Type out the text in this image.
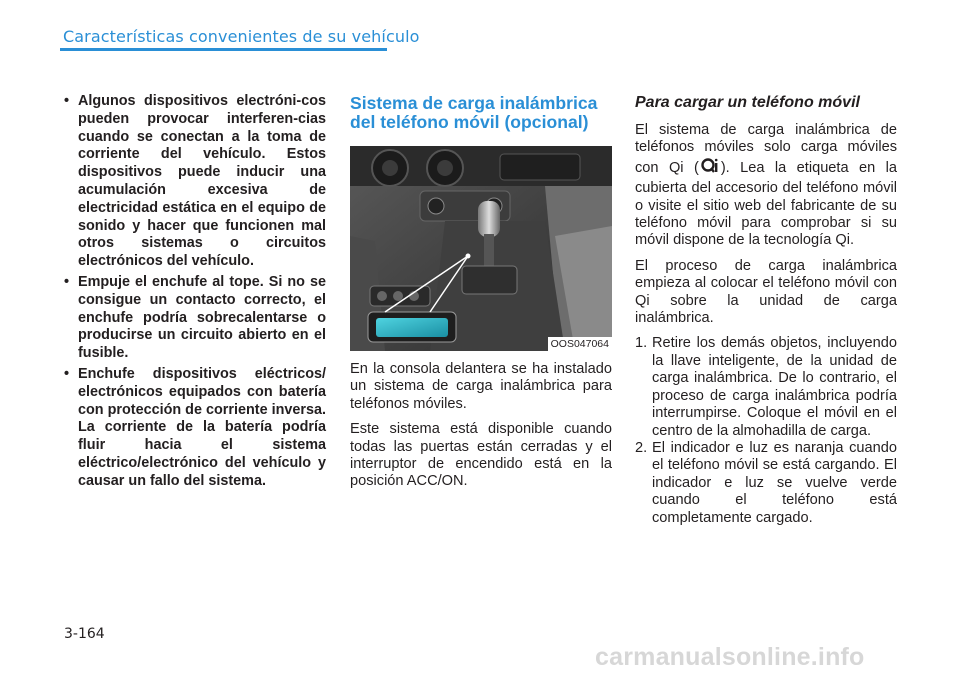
Características convenientes de su vehículo
• Algunos dispositivos electróni-cos pueden provocar interferen-cias cuando se conectan a la toma de corriente del vehículo. Estos dispositivos puede inducir una acumulación excesiva de electricidad estática en el equipo de sonido y hacer que funcionen mal otros sistemas o circuitos electrónicos del vehículo.
• Empuje el enchufe al tope. Si no se consigue un contacto correcto, el enchufe podría sobrecalentarse o producirse un circuito abierto en el fusible.
• Enchufe dispositivos eléctricos/ electrónicos equipados con batería con protección de corriente inversa. La corriente de la batería podría fluir hacia el sistema eléctrico/electrónico del vehículo y causar un fallo del sistema.
Sistema de carga inalámbrica del teléfono móvil (opcional)
OOS047064

En la consola delantera se ha instalado un sistema de carga inalámbrica para teléfonos móviles.

Este sistema está disponible cuando todas las puertas están cerradas y el interruptor de encendido está en la posición ACC/ON.

Para cargar un teléfono móvil

El sistema de carga inalámbrica de teléfonos móviles solo carga móviles con Qi ( ). Lea la etiqueta en la cubierta del accesorio del teléfono móvil o visite el sitio web del fabricante de su teléfono móvil para comprobar si su móvil dispone de la tecnología Qi.

El proceso de carga inalámbrica empieza al colocar el teléfono móvil con Qi sobre la unidad de carga inalámbrica.

1. Retire los demás objetos, incluyendo la llave inteligente, de la unidad de carga inalámbrica. De lo contrario, el proceso de carga inalámbrica podría interrumpirse. Coloque el móvil en el centro de la almohadilla de carga.
2. El indicador e luz es naranja cuando el teléfono móvil se está cargando. El indicador e luz se vuelve verde cuando el teléfono está completamente cargado.
3-164
carmanualsonline.info
